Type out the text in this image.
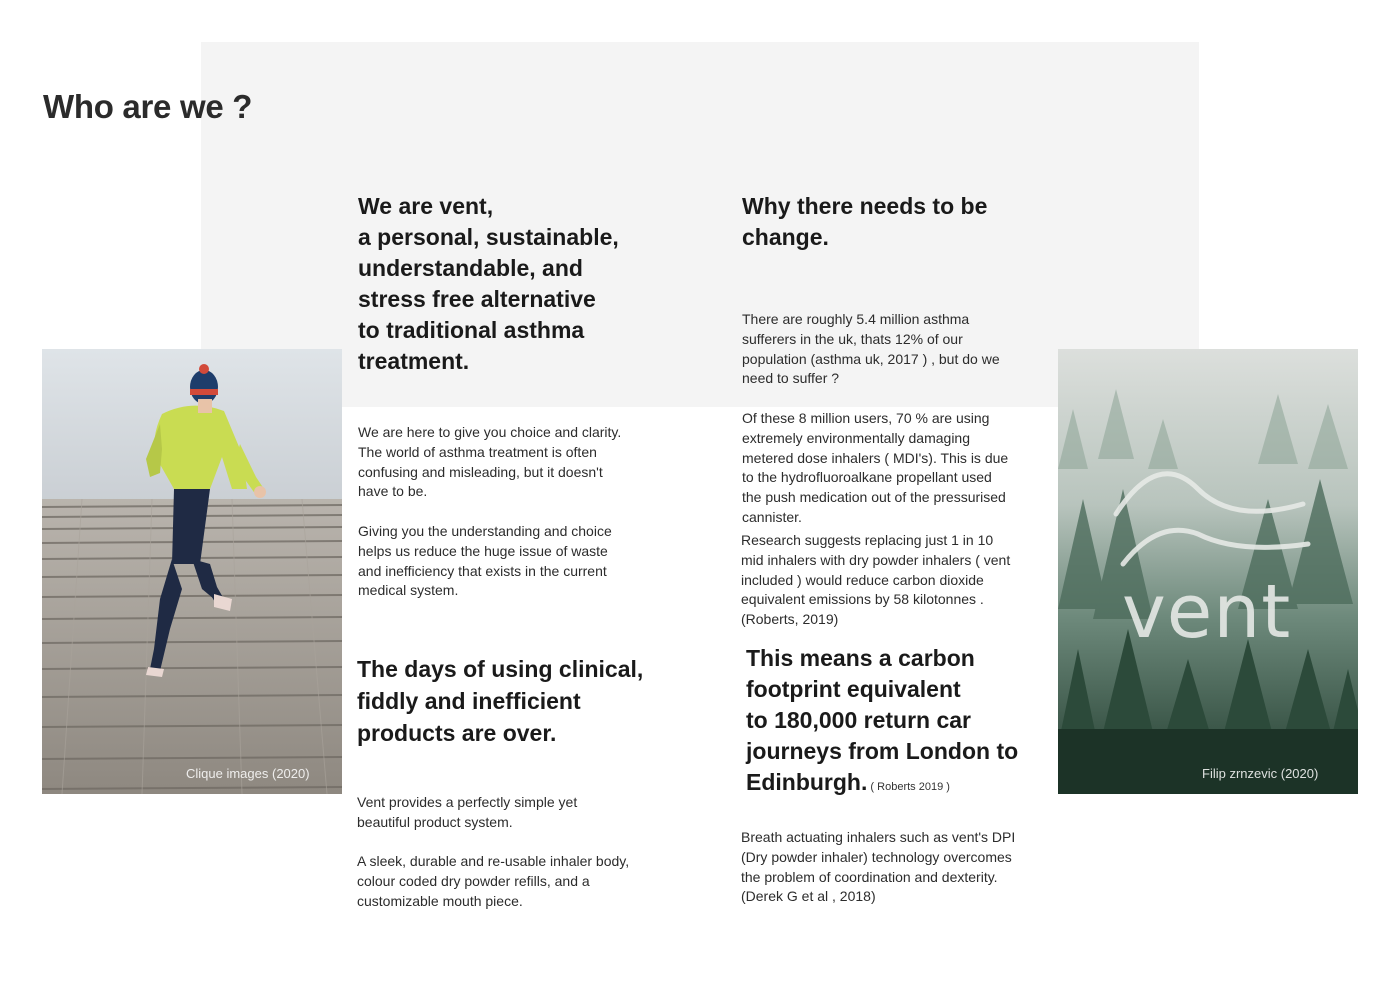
Who are we ?
Clique images (2020)
vent
Filip zrnzevic (2020)
We are vent,
a personal, sustainable,
understandable, and
stress free alternative
to traditional asthma
treatment.

We are here to give you choice and clarity.
The world of asthma treatment is often
confusing and misleading, but it doesn't
have to be.

Giving you the understanding and choice
helps us reduce the huge issue of waste
and inefficiency that exists in the current
medical system.

The days of using clinical,
fiddly and inefficient
products are over.

Vent provides a perfectly simple yet
beautiful product system.

A sleek, durable and re-usable inhaler body,
colour coded dry powder refills, and a
customizable mouth piece.

Why there needs to be
change.

There are roughly 5.4 million asthma
sufferers in the uk, thats 12% of our
population (asthma uk, 2017 ) , but do we
need to suffer ?

Of these 8 million users, 70 % are using
extremely environmentally damaging
metered dose inhalers ( MDI's). This is due
to the hydrofluoroalkane propellant used
the push medication out of the pressurised
cannister.

Research suggests replacing just 1 in 10
mid inhalers with dry powder inhalers ( vent
included ) would reduce carbon dioxide
equivalent emissions by 58 kilotonnes .
(Roberts, 2019)

This means a carbon
footprint equivalent
to 180,000 return car
journeys from London to
Edinburgh. ( Roberts 2019 )

Breath actuating inhalers such as vent's DPI
(Dry powder inhaler) technology overcomes
the problem of coordination and dexterity.
(Derek G et al , 2018)
